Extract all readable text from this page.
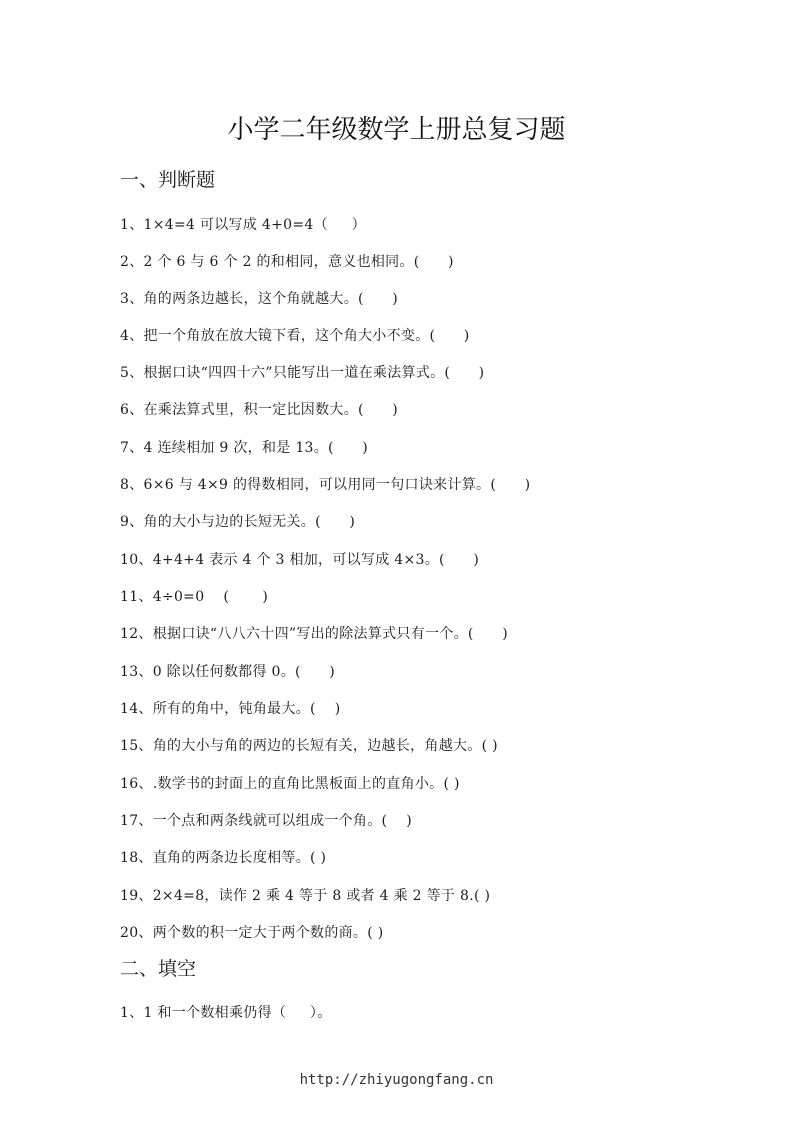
小学二年级数学上册总复习题
一、判断题
1、1×4=4 可以写成 4+0=4（     ）
2、2 个 6 与 6 个 2 的和相同，意义也相同。(      )
3、角的两条边越长，这个角就越大。(      )
4、把一个角放在放大镜下看，这个角大小不变。(      )
5、根据口诀“四四十六”只能写出一道在乘法算式。(      )
6、在乘法算式里，积一定比因数大。(      )
7、4 连续相加 9 次，和是 13。(      )
8、6×6 与 4×9 的得数相同，可以用同一句口诀来计算。(      )
9、角的大小与边的长短无关。(      )
10、4+4+4 表示 4 个 3 相加，可以写成 4×3。(      )
11、4÷0=0    (       )
12、根据口诀“八八六十四”写出的除法算式只有一个。(      )
13、0 除以任何数都得 0。(      )
14、所有的角中，钝角最大。(    )
15、角的大小与角的两边的长短有关，边越长，角越大。( )
16、.数学书的封面上的直角比黑板面上的直角小。( )
17、一个点和两条线就可以组成一个角。(    )
18、直角的两条边长度相等。( )
19、2×4=8，读作 2 乘 4 等于 8 或者 4 乘 2 等于 8.( )
20、两个数的积一定大于两个数的商。( )
二、填空
1、1 和一个数相乘仍得（     ）。
http://zhiyugongfang.cn
